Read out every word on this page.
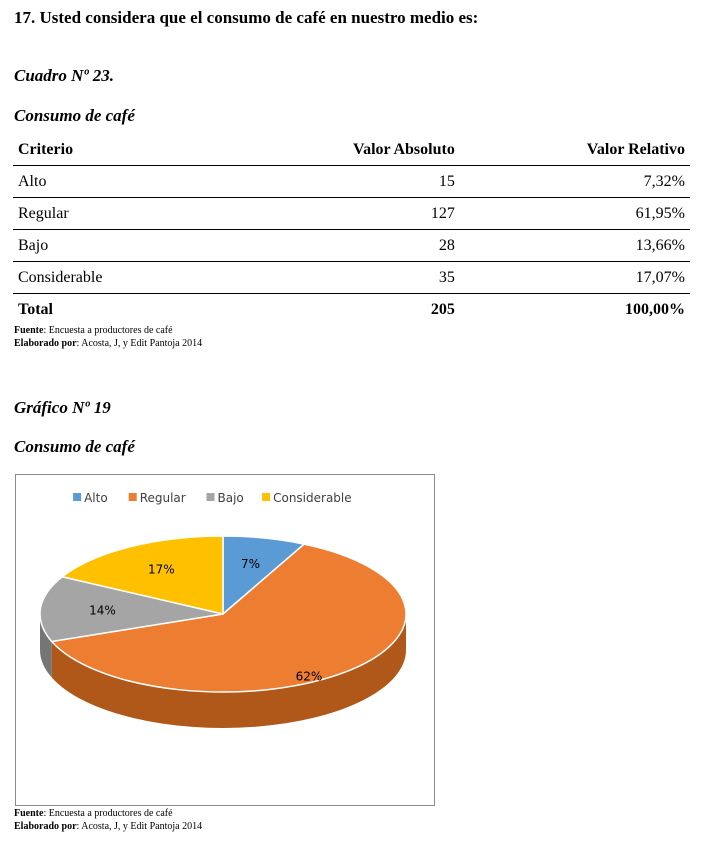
17. Usted considera que el consumo de café en nuestro medio es:
Cuadro Nº 23.
Consumo de café
Criterio	Valor Absoluto	Valor Relativo
Alto	15	7,32%
Regular	127	61,95%
Bajo	28	13,66%
Considerable	35	17,07%
Total	205	100,00%
Fuente: Encuesta a productores de café
Elaborado por: Acosta, J, y Edit Pantoja 2014
Gráfico Nº 19
Consumo de café
7%
62%
14%
17%
Alto	Regular	Bajo Considerable
Fuente: Encuesta a productores de café
Elaborado por: Acosta, J, y Edit Pantoja 2014
